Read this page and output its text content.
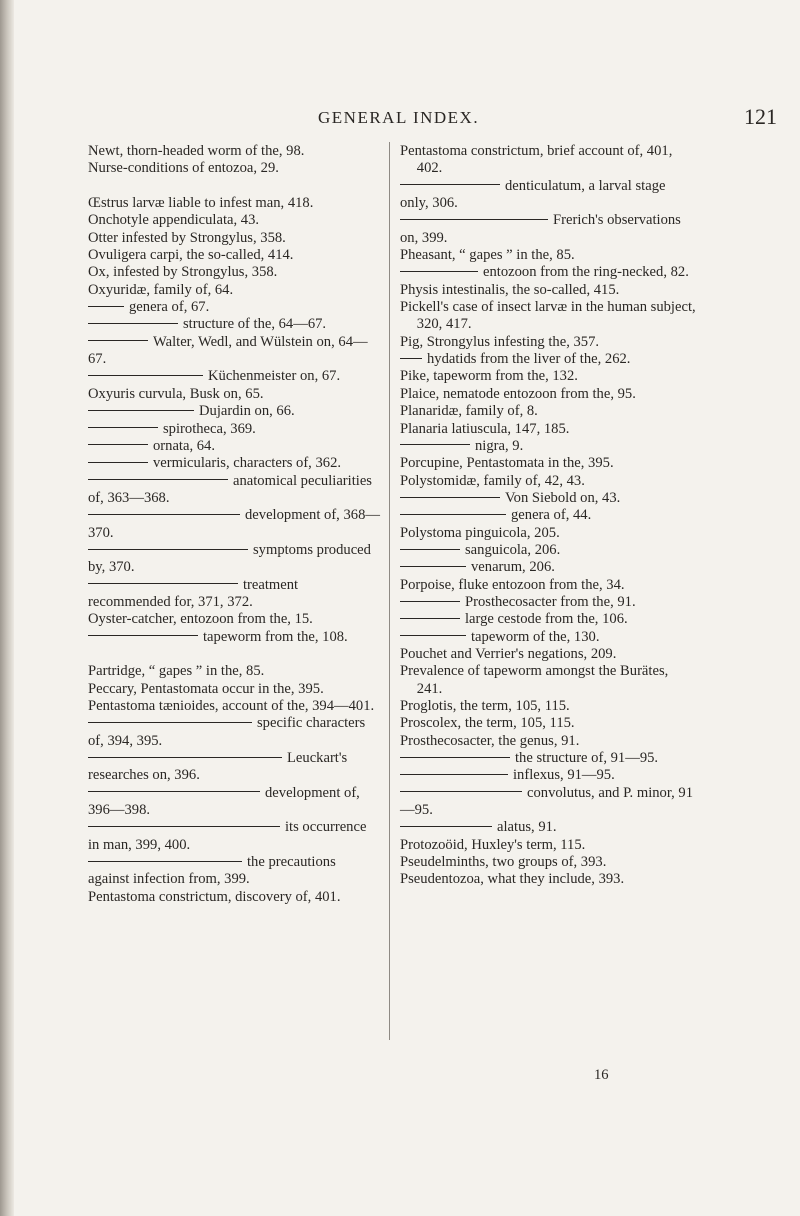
GENERAL INDEX.	121

Newt, thorn-headed worm of the, 98.

Nurse-conditions of entozoa, 29.

Œstrus larvæ liable to infest man, 418.

Onchotyle appendiculata, 43.

Otter infested by Strongylus, 358.

Ovuligera carpi, the so-called, 414.

Ox, infested by Strongylus, 358.

Oxyuridæ, family of, 64.

genera of, 67.

structure of the, 64—67.

Walter, Wedl, and Wülstein on, 64—67.

Küchenmeister on, 67.

Oxyuris curvula, Busk on, 65.

Dujardin on, 66.

spirotheca, 369.

ornata, 64.

vermicularis, characters of, 362.

anatomical peculiarities of, 363—368.

development of, 368—370.

symptoms produced by, 370.

treatment recommended for, 371, 372.

Oyster-catcher, entozoon from the, 15.

tapeworm from the, 108.

Partridge, “ gapes ” in the, 85.

Peccary, Pentastomata occur in the, 395.

Pentastoma tænioides, account of the, 394—401.

specific characters of, 394, 395.

Leuckart's researches on, 396.

development of, 396—398.

its occurrence in man, 399, 400.

the precautions against infection from, 399.

Pentastoma constrictum, discovery of, 401.

Pentastoma constrictum, brief account of, 401, 402.

denticulatum, a larval stage only, 306.

Frerich's observations on, 399.

Pheasant, “ gapes ” in the, 85.

entozoon from the ring-necked, 82.

Physis intestinalis, the so-called, 415.

Pickell's case of insect larvæ in the human subject, 320, 417.

Pig, Strongylus infesting the, 357.

hydatids from the liver of the, 262.

Pike, tapeworm from the, 132.

Plaice, nematode entozoon from the, 95.

Planaridæ, family of, 8.

Planaria latiuscula, 147, 185.

nigra, 9.

Porcupine, Pentastomata in the, 395.

Polystomidæ, family of, 42, 43.

Von Siebold on, 43.

genera of, 44.

Polystoma pinguicola, 205.

sanguicola, 206.

venarum, 206.

Porpoise, fluke entozoon from the, 34.

Prosthecosacter from the, 91.

large cestode from the, 106.

tapeworm of the, 130.

Pouchet and Verrier's negations, 209.

Prevalence of tapeworm amongst the Burätes, 241.

Proglotis, the term, 105, 115.

Proscolex, the term, 105, 115.

Prosthecosacter, the genus, 91.

the structure of, 91—95.

inflexus, 91—95.

convolutus, and P. minor, 91—95.

alatus, 91.

Protozoöid, Huxley's term, 115.

Pseudelminths, two groups of, 393.

Pseudentozoa, what they include, 393.

16
